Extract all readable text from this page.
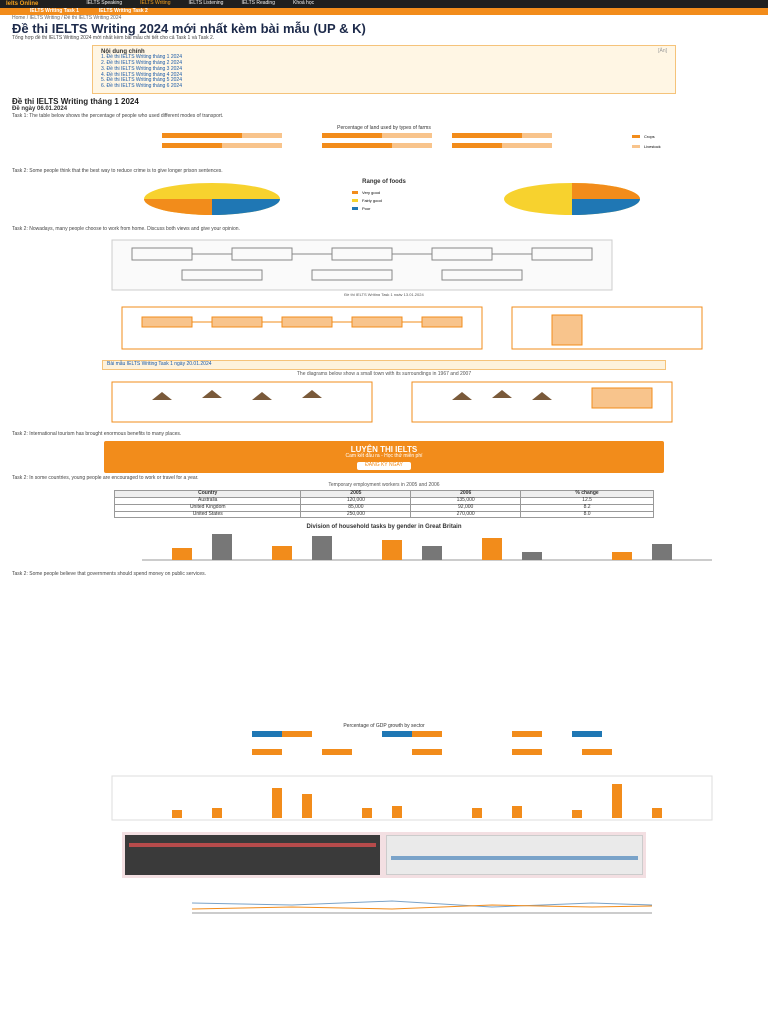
Ielts Online	IELTS Speaking	IELTS Writing	IELTS Listening	IELTS Reading	Khoá học
IELTS Writing Task 1	IELTS Writing Task 2
Home / IELTS Writing / Đề thi IELTS Writing 2024
Đề thi IELTS Writing 2024 mới nhất kèm bài mẫu (UP & K)
Tổng hợp đề thi IELTS Writing 2024 mới nhất kèm bài mẫu chi tiết cho cả Task 1 và Task 2.
[Ẩn]
Nội dung chính
1. Đề thi IELTS Writing tháng 1 2024
2. Đề thi IELTS Writing tháng 2 2024
3. Đề thi IELTS Writing tháng 3 2024
4. Đề thi IELTS Writing tháng 4 2024
5. Đề thi IELTS Writing tháng 5 2024
6. Đề thi IELTS Writing tháng 6 2024
Đề thi IELTS Writing tháng 1 2024
Đề ngày 06.01.2024
Task 1: The table below shows the percentage of people who used different modes of transport.
Percentage of land used by types of farms
Crops
Livestock
Task 2: Some people think that the best way to reduce crime is to give longer prison sentences.
Range of foods
Very good
Fairly good
Poor
Task 2: Nowadays, many people choose to work from home. Discuss both views and give your opinion.
Đề thi IELTS Writing Task 1 ngày 13.01.2024

Bài mẫu IELTS Writing Task 1 ngày 20.01.2024
The diagrams below show a small town with its surroundings in 1967 and 2007
Task 2: International tourism has brought enormous benefits to many places.
LUYỆN THI IELTS
Cam kết đầu ra - Học thử miễn phí
ĐĂNG KÝ NGAY
Task 2: In some countries, young people are encouraged to work or travel for a year.
Temporary employment workers in 2005 and 2006
Country	2005	2006	% change
Australia	120,000	135,000	12.5
United Kingdom	85,000	92,000	8.2
United States	250,000	270,000	8.0
Division of household tasks by gender in Great Britain
Task 2: Some people believe that governments should spend money on public services.
Percentage of GDP growth by sector
